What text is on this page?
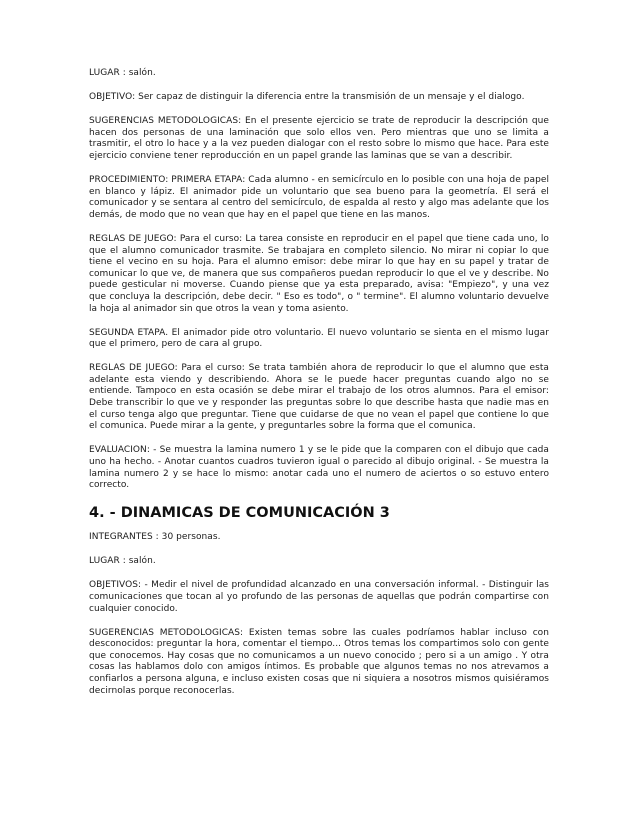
LUGAR : salón.

OBJETIVO: Ser capaz de distinguir la diferencia entre la transmisión de un mensaje y el dialogo.

SUGERENCIAS METODOLOGICAS: En el presente ejercicio se trate de reproducir la descripción que hacen dos personas de una laminación que solo ellos ven. Pero mientras que uno se limita a trasmitir, el otro lo hace y a la vez pueden dialogar con el resto sobre lo mismo que hace. Para este ejercicio conviene tener reproducción en un papel grande las laminas que se van a describir.

PROCEDIMIENTO: PRIMERA ETAPA: Cada alumno - en semicírculo en lo posible con una hoja de papel en blanco y lápiz. El animador pide un voluntario que sea bueno para la geometría. El será el comunicador y se sentara al centro del semicírculo, de espalda al resto y algo mas adelante que los demás, de modo que no vean que hay en el papel que tiene en las manos.

REGLAS DE JUEGO: Para el curso: La tarea consiste en reproducir en el papel que tiene cada uno, lo que el alumno comunicador trasmite. Se trabajara en completo silencio. No mirar ni copiar lo que tiene el vecino en su hoja. Para el alumno emisor: debe mirar lo que hay en su papel y tratar de comunicar lo que ve, de manera que sus compañeros puedan reproducir lo que el ve y describe. No puede gesticular ni moverse. Cuando piense que ya esta preparado, avisa: "Empiezo", y una vez que concluya la descripción, debe decir. " Eso es todo", o " termine". El alumno voluntario devuelve la hoja al animador sin que otros la vean y toma asiento.

SEGUNDA ETAPA. El animador pide otro voluntario. El nuevo voluntario se sienta en el mismo lugar que el primero, pero de cara al grupo.

REGLAS DE JUEGO: Para el curso: Se trata también ahora de reproducir lo que el alumno que esta adelante esta viendo y describiendo. Ahora se le puede hacer preguntas cuando algo no se entiende. Tampoco en esta ocasión se debe mirar el trabajo de los otros alumnos. Para el emisor: Debe transcribir lo que ve y responder las preguntas sobre lo que describe hasta que nadie mas en el curso tenga algo que preguntar. Tiene que cuidarse de que no vean el papel que contiene lo que el comunica. Puede mirar a la gente, y preguntarles sobre la forma que el comunica.

EVALUACION: - Se muestra la lamina numero 1 y se le pide que la comparen con el dibujo que cada uno ha hecho. - Anotar cuantos cuadros tuvieron igual o parecido al dibujo original. - Se muestra la lamina numero 2 y se hace lo mismo: anotar cada uno el numero de aciertos o so estuvo entero correcto.

4. - DINAMICAS DE COMUNICACIÓN 3

INTEGRANTES : 30 personas.

LUGAR : salón.

OBJETIVOS: - Medir el nivel de profundidad alcanzado en una conversación informal. - Distinguir las comunicaciones que tocan al yo profundo de las personas de aquellas que podrán compartirse con cualquier conocido.

SUGERENCIAS METODOLOGICAS: Existen temas sobre las cuales podríamos hablar incluso con desconocidos: preguntar la hora, comentar el tiempo... Otros temas los compartimos solo con gente que conocemos. Hay cosas que no comunicamos a un nuevo conocido ; pero si a un amigo . Y otra cosas las hablamos dolo con amigos íntimos. Es probable que algunos temas no nos atrevamos a confiarlos a persona alguna, e incluso existen cosas que ni siquiera a nosotros mismos quisiéramos decirnolas porque reconocerlas.
